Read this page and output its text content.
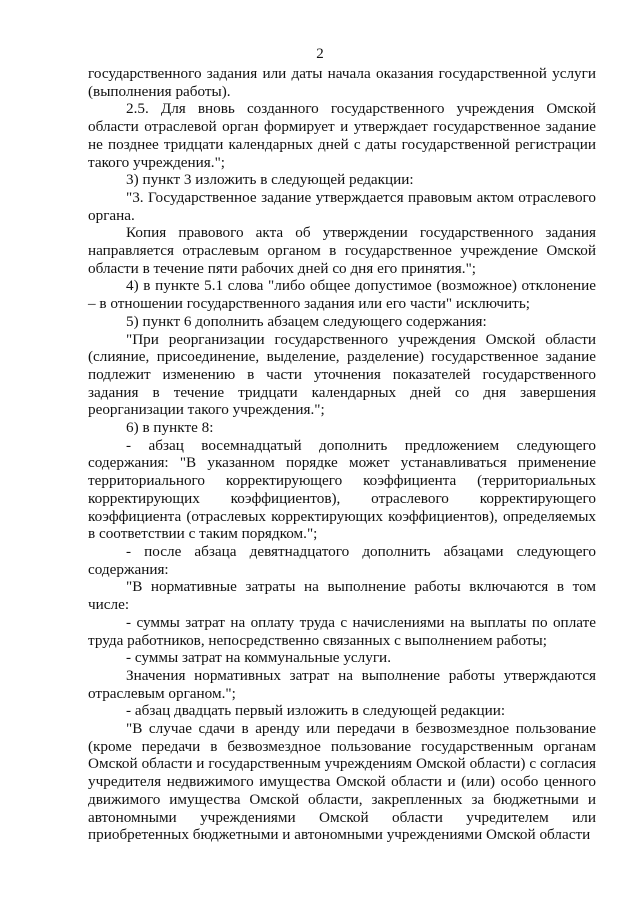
2

государственного задания или даты начала оказания государственной услуги (выполнения работы).

2.5. Для вновь созданного государственного учреждения Омской области отраслевой орган формирует и утверждает государственное задание не позднее тридцати календарных дней с даты государственной регистрации такого учреждения.";

3) пункт 3 изложить в следующей редакции:

"3. Государственное задание утверждается правовым актом отраслевого органа.

Копия правового акта об утверждении государственного задания направляется отраслевым органом в государственное учреждение Омской области в течение пяти рабочих дней со дня его принятия.";

4) в пункте 5.1 слова "либо общее допустимое (возможное) отклонение – в отношении государственного задания или его части" исключить;

5) пункт 6 дополнить абзацем следующего содержания:

"При реорганизации государственного учреждения Омской области (слияние, присоединение, выделение, разделение) государственное задание подлежит изменению в части уточнения показателей государственного задания в течение тридцати календарных дней со дня завершения реорганизации такого учреждения.";

6) в пункте 8:

- абзац восемнадцатый дополнить предложением следующего содержания: "В указанном порядке может устанавливаться применение территориального корректирующего коэффициента (территориальных корректирующих коэффициентов), отраслевого корректирующего коэффициента (отраслевых корректирующих коэффициентов), определяемых в соответствии с таким порядком.";

- после абзаца девятнадцатого дополнить абзацами следующего содержания:

"В нормативные затраты на выполнение работы включаются в том числе:

- суммы затрат на оплату труда с начислениями на выплаты по оплате труда работников, непосредственно связанных с выполнением работы;

- суммы затрат на коммунальные услуги.

Значения нормативных затрат на выполнение работы утверждаются отраслевым органом.";

- абзац двадцать первый изложить в следующей редакции:

"В случае сдачи в аренду или передачи в безвозмездное пользование (кроме передачи в безвозмездное пользование государственным органам Омской области и государственным учреждениям Омской области) с согласия учредителя недвижимого имущества Омской области и (или) особо ценного движимого имущества Омской области, закрепленных за бюджетными и автономными учреждениями Омской области учредителем или приобретенных бюджетными и автономными учреждениями Омской области
